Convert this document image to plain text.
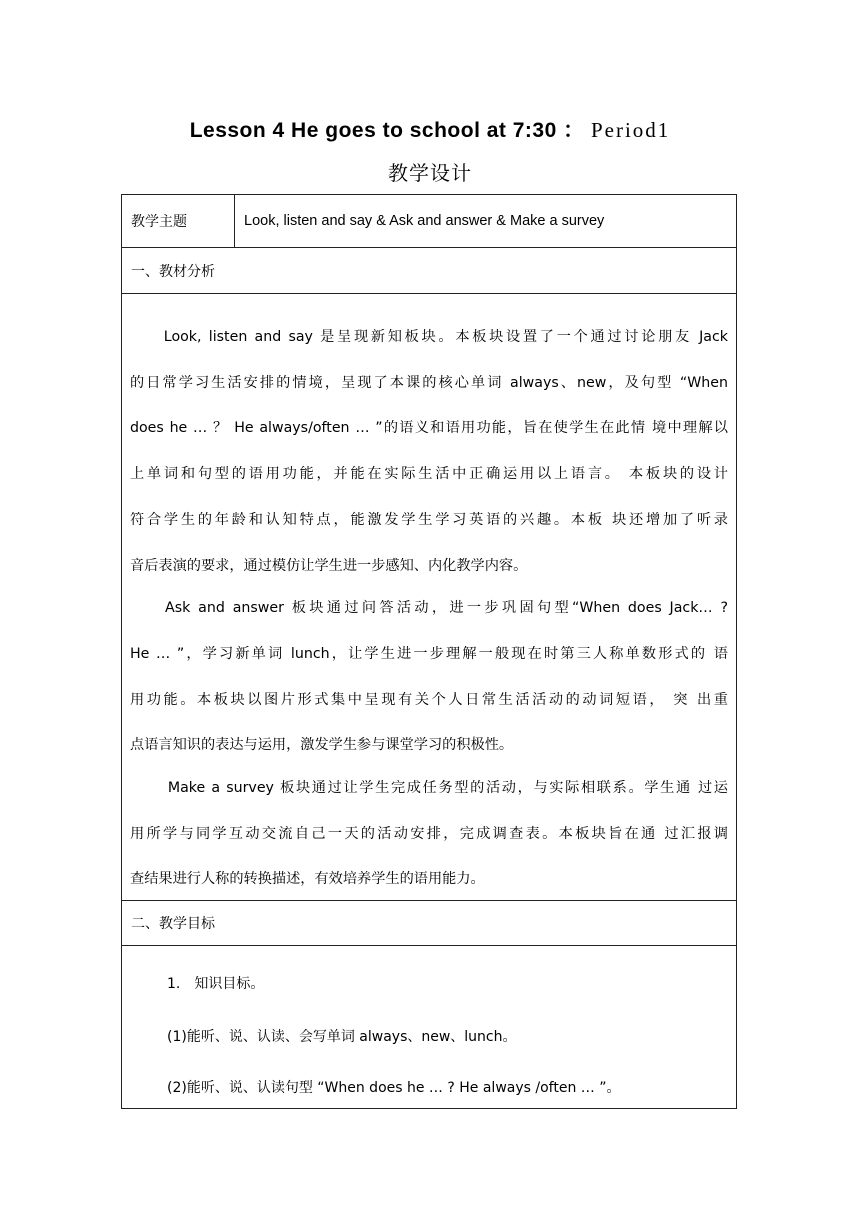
Lesson 4 He goes to school at 7:30 ： Period1
教学设计
教学主题	Look, listen and say & Ask and answer & Make a survey
一、教材分析
　　Look, listen and say 是呈现新知板块。本板块设置了一个通过讨论朋友 Jack
的日常学习生活安排的情境，呈现了本课的核心单词 always、new，及句型 “When
does he … ？ He always/often … ”的语义和语用功能，旨在使学生在此情 境中理解以
上单词和句型的语用功能，并能在实际生活中正确运用以上语言。 本板块的设计
符合学生的年龄和认知特点，能激发学生学习英语的兴趣。本板 块还增加了听录
音后表演的要求，通过模仿让学生进一步感知、内化教学内容。
　　Ask and answer 板块通过问答活动，进一步巩固句型“When does Jack… ?
He … ”，学习新单词 lunch，让学生进一步理解一般现在时第三人称单数形式的 语
用功能。本板块以图片形式集中呈现有关个人日常生活活动的动词短语， 突 出重
点语言知识的表达与运用，激发学生参与课堂学习的积极性。
　　 Make a survey 板块通过让学生完成任务型的活动，与实际相联系。学生通 过运
用所学与同学互动交流自己一天的活动安排，完成调查表。本板块旨在通 过汇报调
查结果进行人称的转换描述，有效培养学生的语用能力。
二、教学目标
1.　知识目标。
(1)能听、说、认读、会写单词 always、new、lunch。
(2)能听、说、认读句型 “When does he … ? He always /often … ”。
